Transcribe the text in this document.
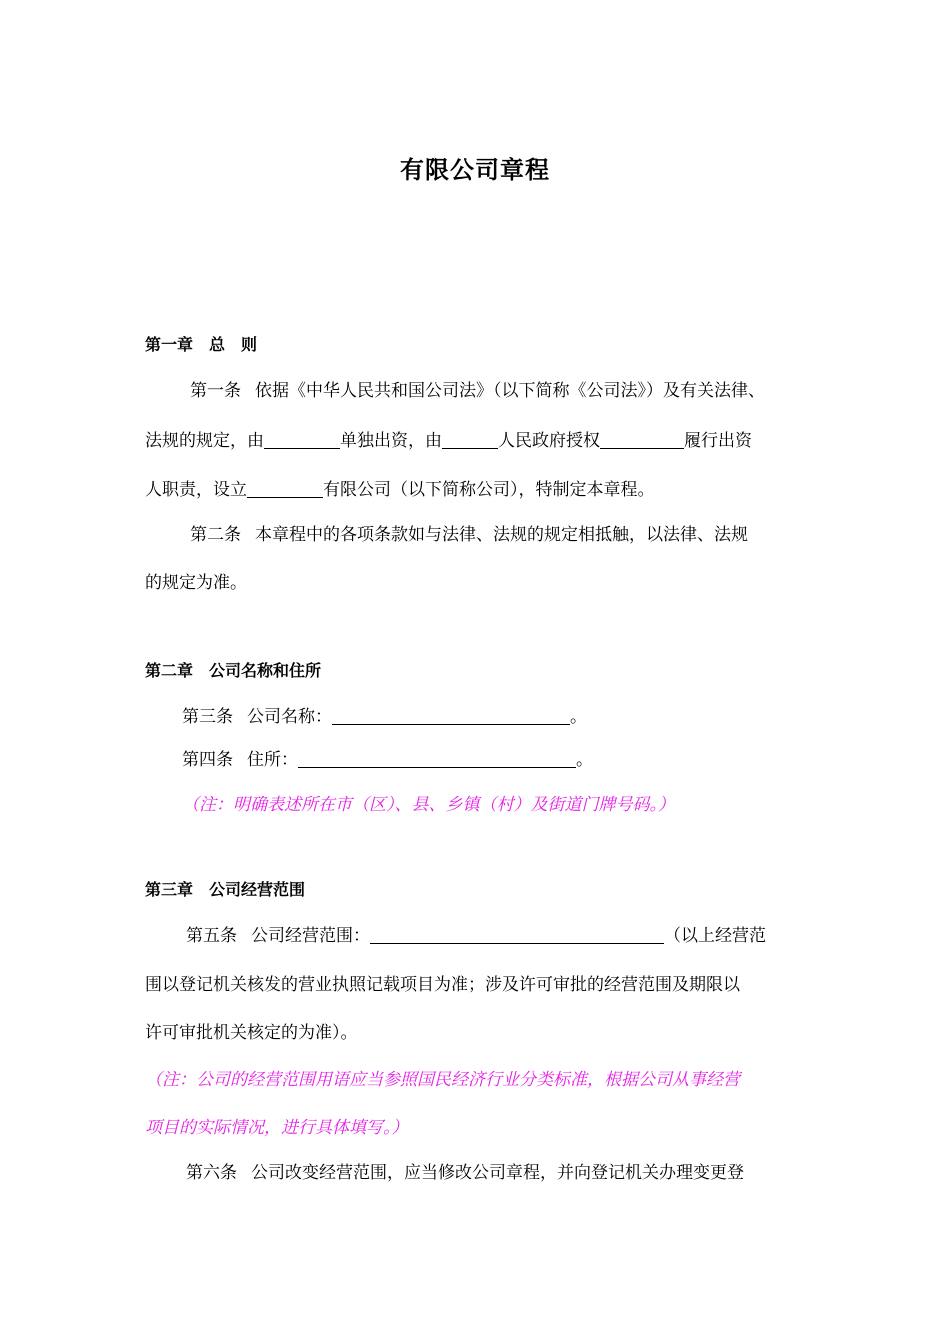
有限公司章程
第一章　总　则
第一条 依据《中华人民共和国公司法》（以下简称《公司法》）及有关法律、
法规的规定，由	单独出资，由	人民政府授权	履行出资
人职责，设立	有限公司（以下简称公司），特制定本章程。
第二条 本章程中的各项条款如与法律、法规的规定相抵触，以法律、法规
的规定为准。
第二章　公司名称和住所
第三条 公司名称：	。
第四条 住所：	。
（注：明确表述所在市（区）、县、乡镇（村）及街道门牌号码。）
第三章　公司经营范围
第五条 公司经营范围：	（以上经营范
围以登记机关核发的营业执照记载项目为准；涉及许可审批的经营范围及期限以
许可审批机关核定的为准）。
（注：公司的经营范围用语应当参照国民经济行业分类标准，根据公司从事经营
项目的实际情况，进行具体填写。）
第六条 公司改变经营范围，应当修改公司章程，并向登记机关办理变更登
